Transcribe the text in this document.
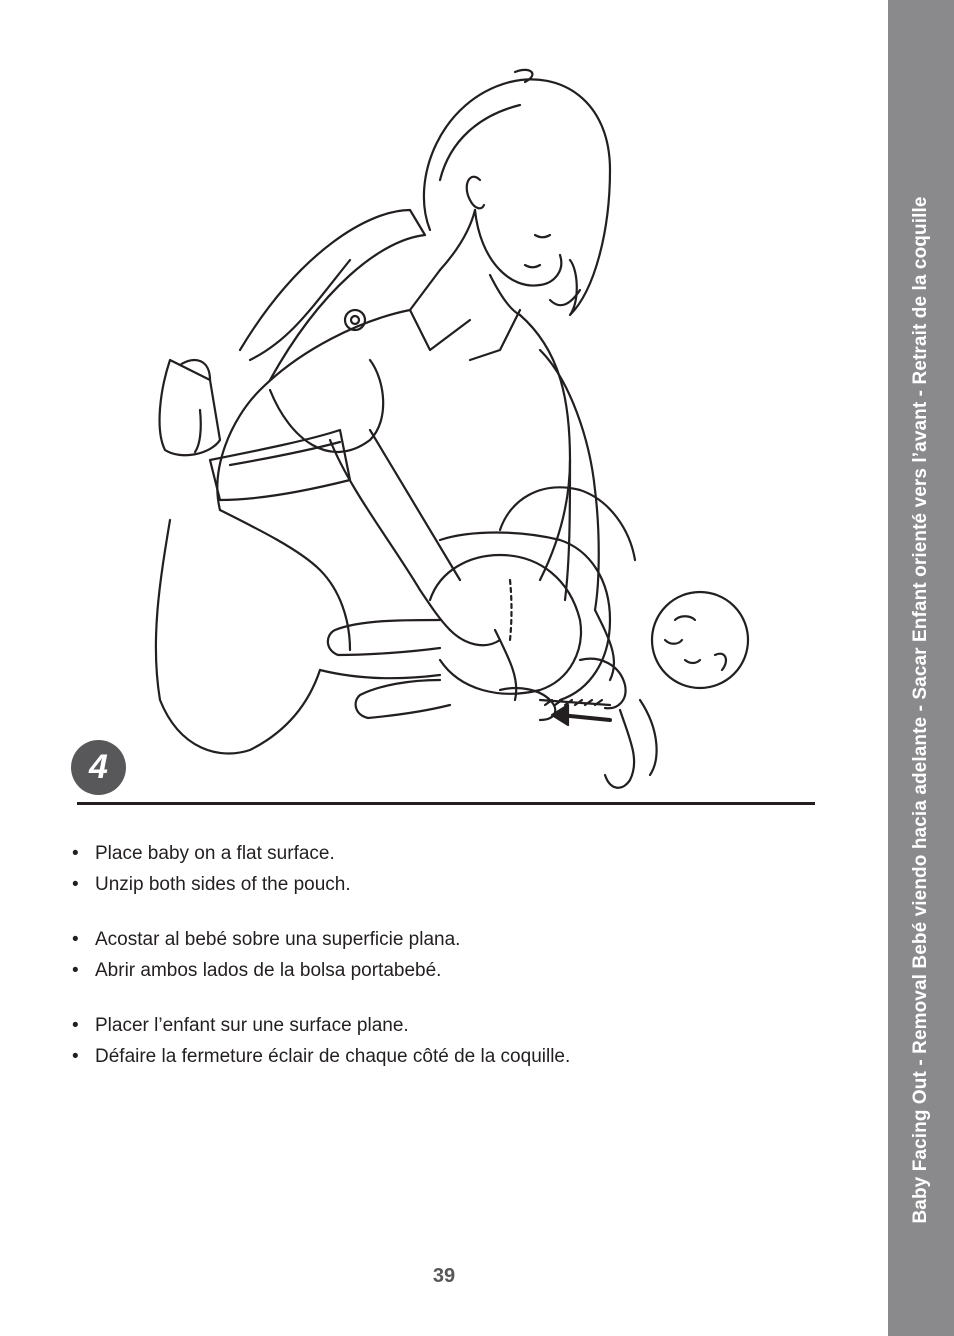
Baby Facing Out - Removal Bebé viendo hacia adelante - Sacar Enfant orienté vers l’avant - Retrait de la coquille
4
• Place baby on a flat surface.
• Unzip both sides of the pouch.
• Acostar al bebé sobre una superficie plana.
• Abrir ambos lados de la bolsa portabebé.
• Placer l’enfant sur une surface plane.
• Défaire la fermeture éclair de chaque côté de la coquille.
39
